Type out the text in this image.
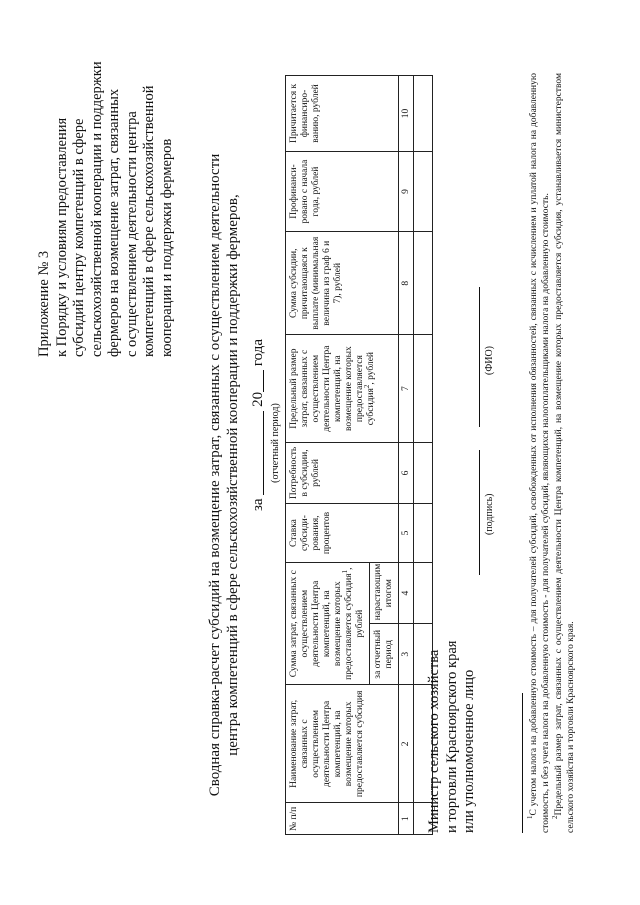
Приложение № 3 к Порядку и условиям предоставления субсидий центру компетенций в сфере сельскохозяйственной кооперации и поддержки фермеров на возмещение затрат, связанных с осуществлением деятельности центра компетенций в сфере сельскохозяйственной кооперации и поддержки фермеров Сводная справка-расчет субсидий на возмещение затрат, связанных с осуществлением деятельности центра компетенций в сфере сельскохозяйственной кооперации и поддержки фермеров, за  20 года
(отчетный период)
№ п/п	Наименование затрат, связанных с осуществлением деятельности Центра компетенций, на возмещение которых предоставляется субсидия	Сумма затрат, связанных с осуществлением деятельности Центра компетенций, на возмещение которых предоставляется субсидия$^1$, рублей		Ставка субсиди-рования, процентов	Потребность в субсидии, рублей	Предельный размер затрат, связанных с осуществлением деятельности Центра компетенций, на возмещение которых предоставляется субсидия$^2$, рублей	Сумма субсидии, причитающаяся к выплате (минимальная величина из граф 6 и 7), рублей	Профинанси-ровано с начала года, рублей	Причитается к финансиро-ванию, рублей
		за отчетный период	нарастающим итогом						
1	2	3	4	5	6	7	8	9	10

Министр сельского хозяйства и торговли Красноярского края или уполномоченное лицо
(подпись)
(ФИО)

$^1$С учетом налога на добавленную стоимость – для получателей субсидий, освобожденных от исполнения обязанностей, связанных с исчислением и уплатой налога на добавленную стоимость, и без учета налога на добавленную стоимость - для получателей субсидий, являющихся налогоплательщиками налога на добавленную стоимость. $^2$Предельный размер затрат, связанных с осуществлением деятельности Центра компетенций, на возмещение которых предоставляется субсидия, устанавливается министерством сельского хозяйства и торговли Красноярского края.
